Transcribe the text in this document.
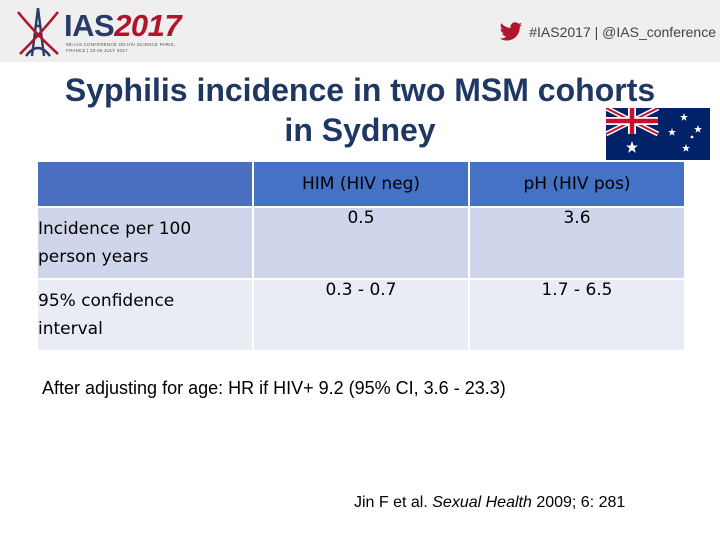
IAS2017
9th IAS CONFERENCE ON HIV SCIENCE PARIS, FRANCE | 23-26 JULY 2017
#IAS2017 | @IAS_conference
Syphilis incidence in two MSM cohorts
in Sydney
	HIM (HIV neg)	pH (HIV pos)

Incidence per 100
person years	0.5	3.6

95% confidence
interval	0.3 - 0.7	1.7 - 6.5
After adjusting for age: HR if HIV+ 9.2 (95% CI, 3.6 - 23.3)
Jin F et al. Sexual Health 2009; 6: 281
